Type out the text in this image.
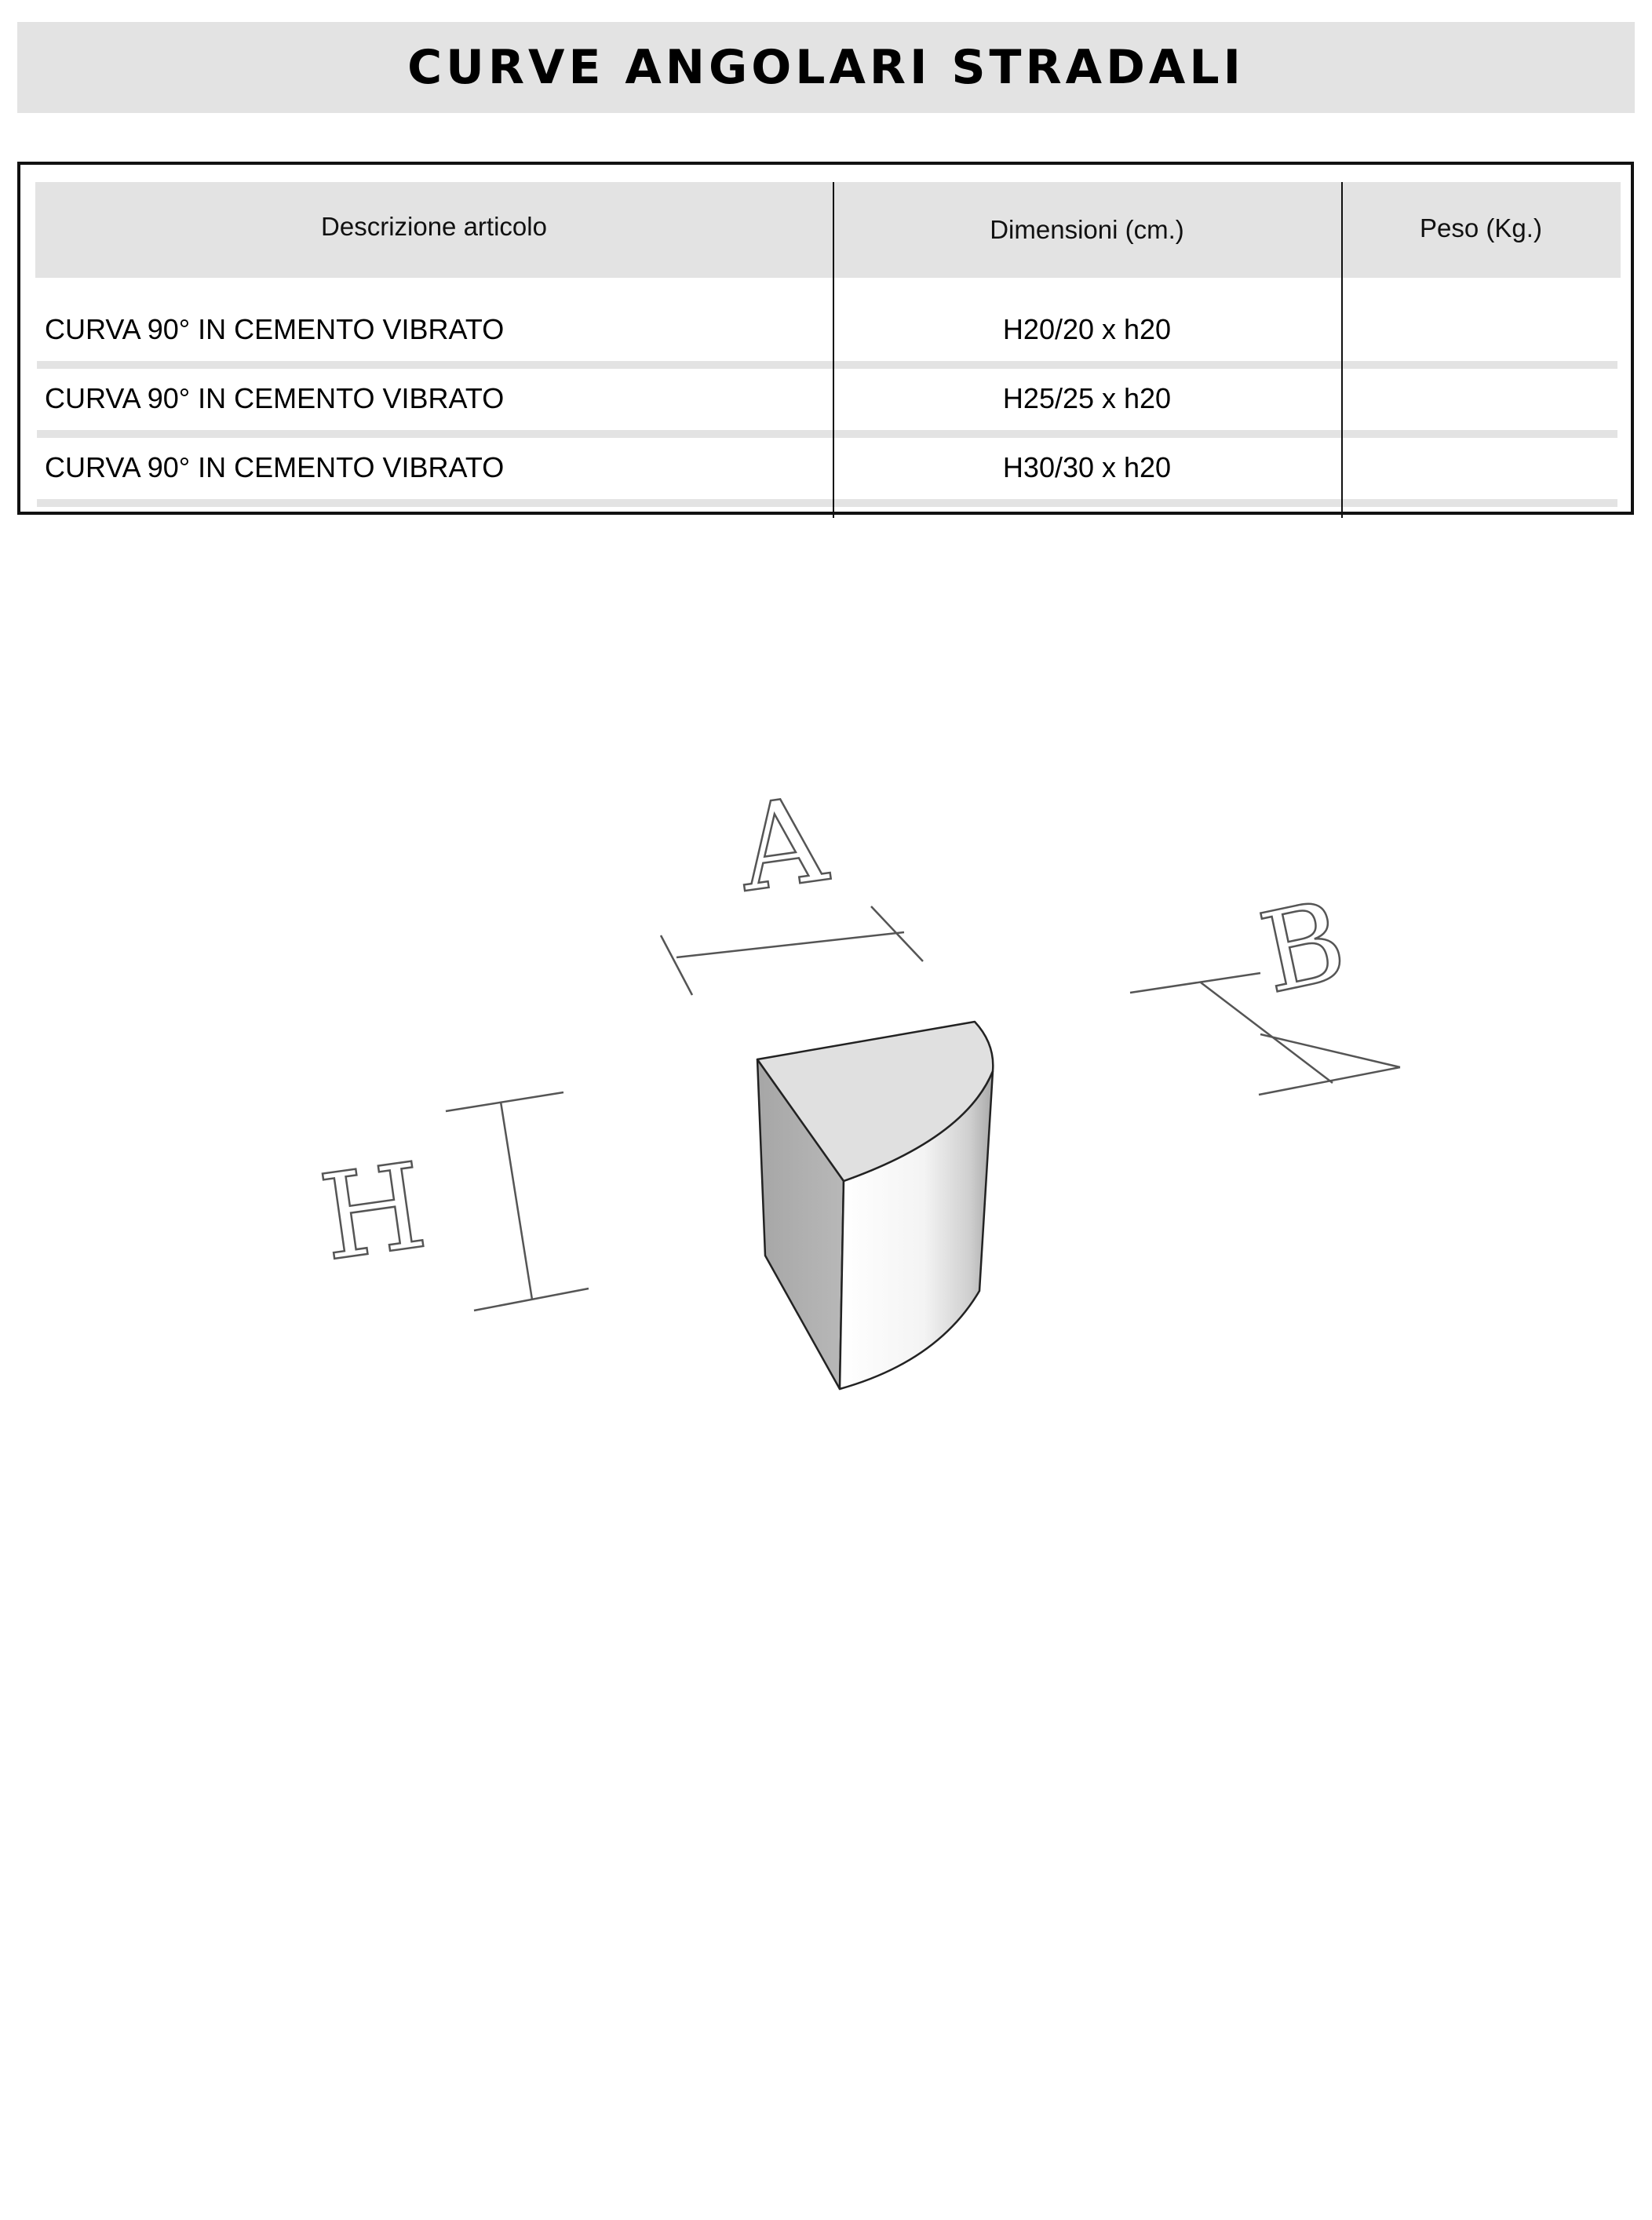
CURVE ANGOLARI STRADALI
Descrizione articolo	Dimensioni (cm.)	Peso (Kg.)
CURVA 90° IN CEMENTO VIBRATO	H20/20 x h20
CURVA 90° IN CEMENTO VIBRATO	H25/25 x h20
CURVA 90° IN CEMENTO VIBRATO	H30/30 x h20
A
B
H
